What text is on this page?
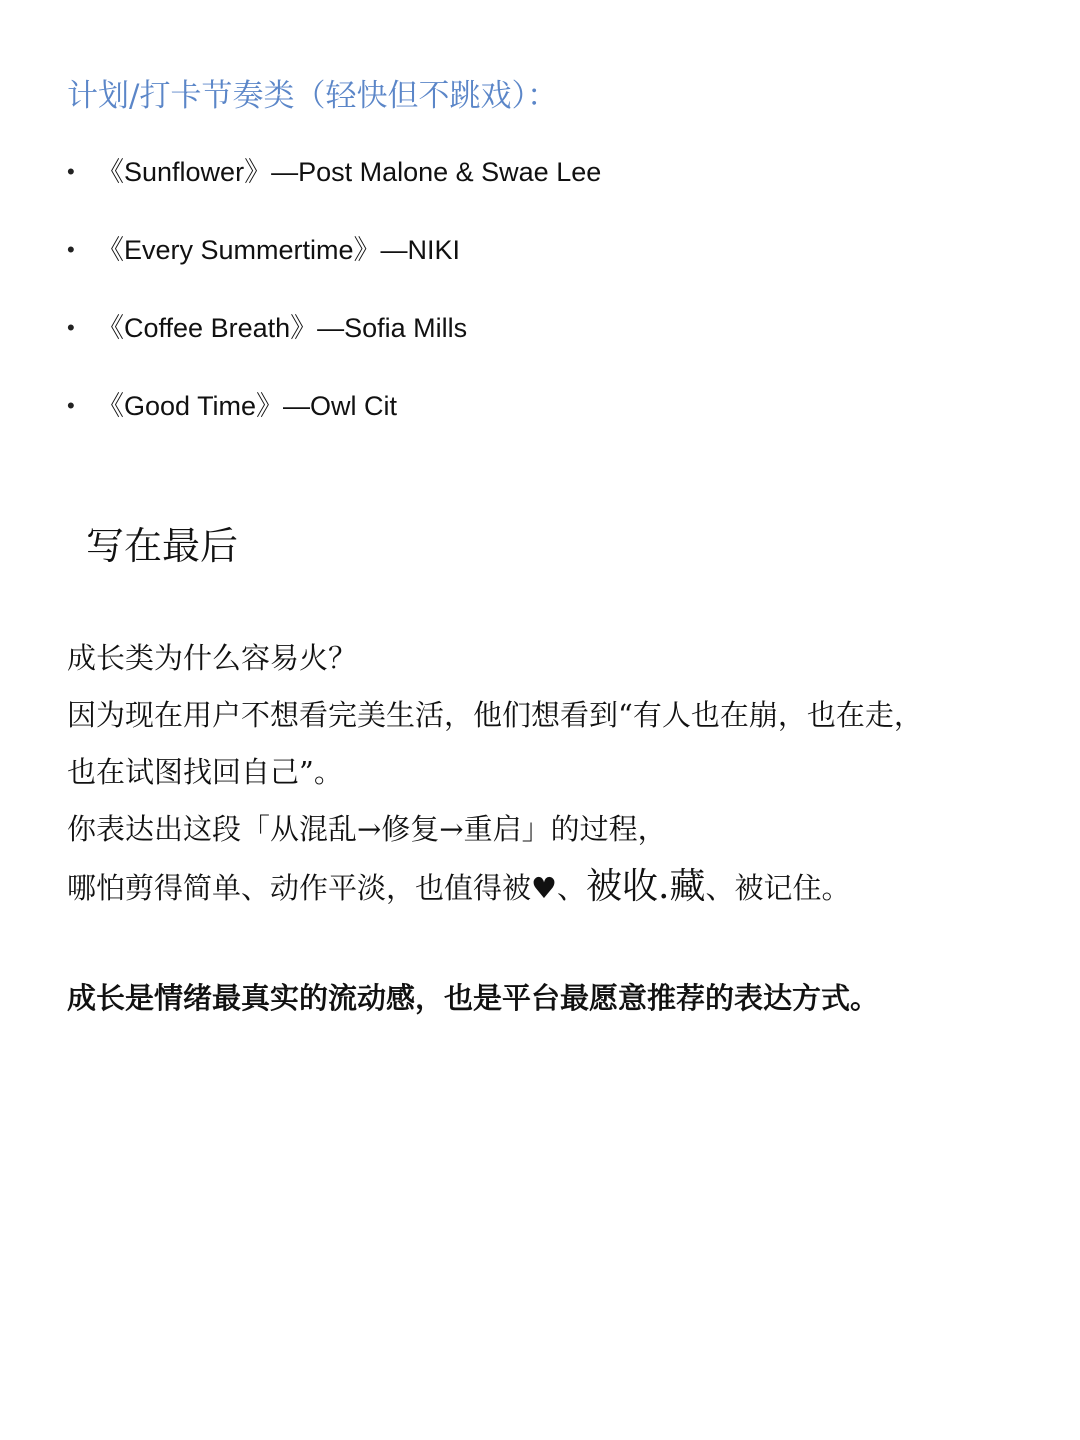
计划/打卡节奏类（轻快但不跳戏）：
• 《Sunflower》—Post Malone & Swae Lee
• 《Every Summertime》—NIKI
• 《Coffee Breath》—Sofia Mills
• 《Good Time》—Owl Cit
写在最后
成长类为什么容易火？
因为现在用户不想看完美生活，他们想看到“有人也在崩，也在走，
也在试图找回自己”。
你表达出这段「从混乱→修复→重启」的过程，
哪怕剪得简单、动作平淡，也值得被♥、被收.藏、被记住。
成长是情绪最真实的流动感，也是平台最愿意推荐的表达方式。
